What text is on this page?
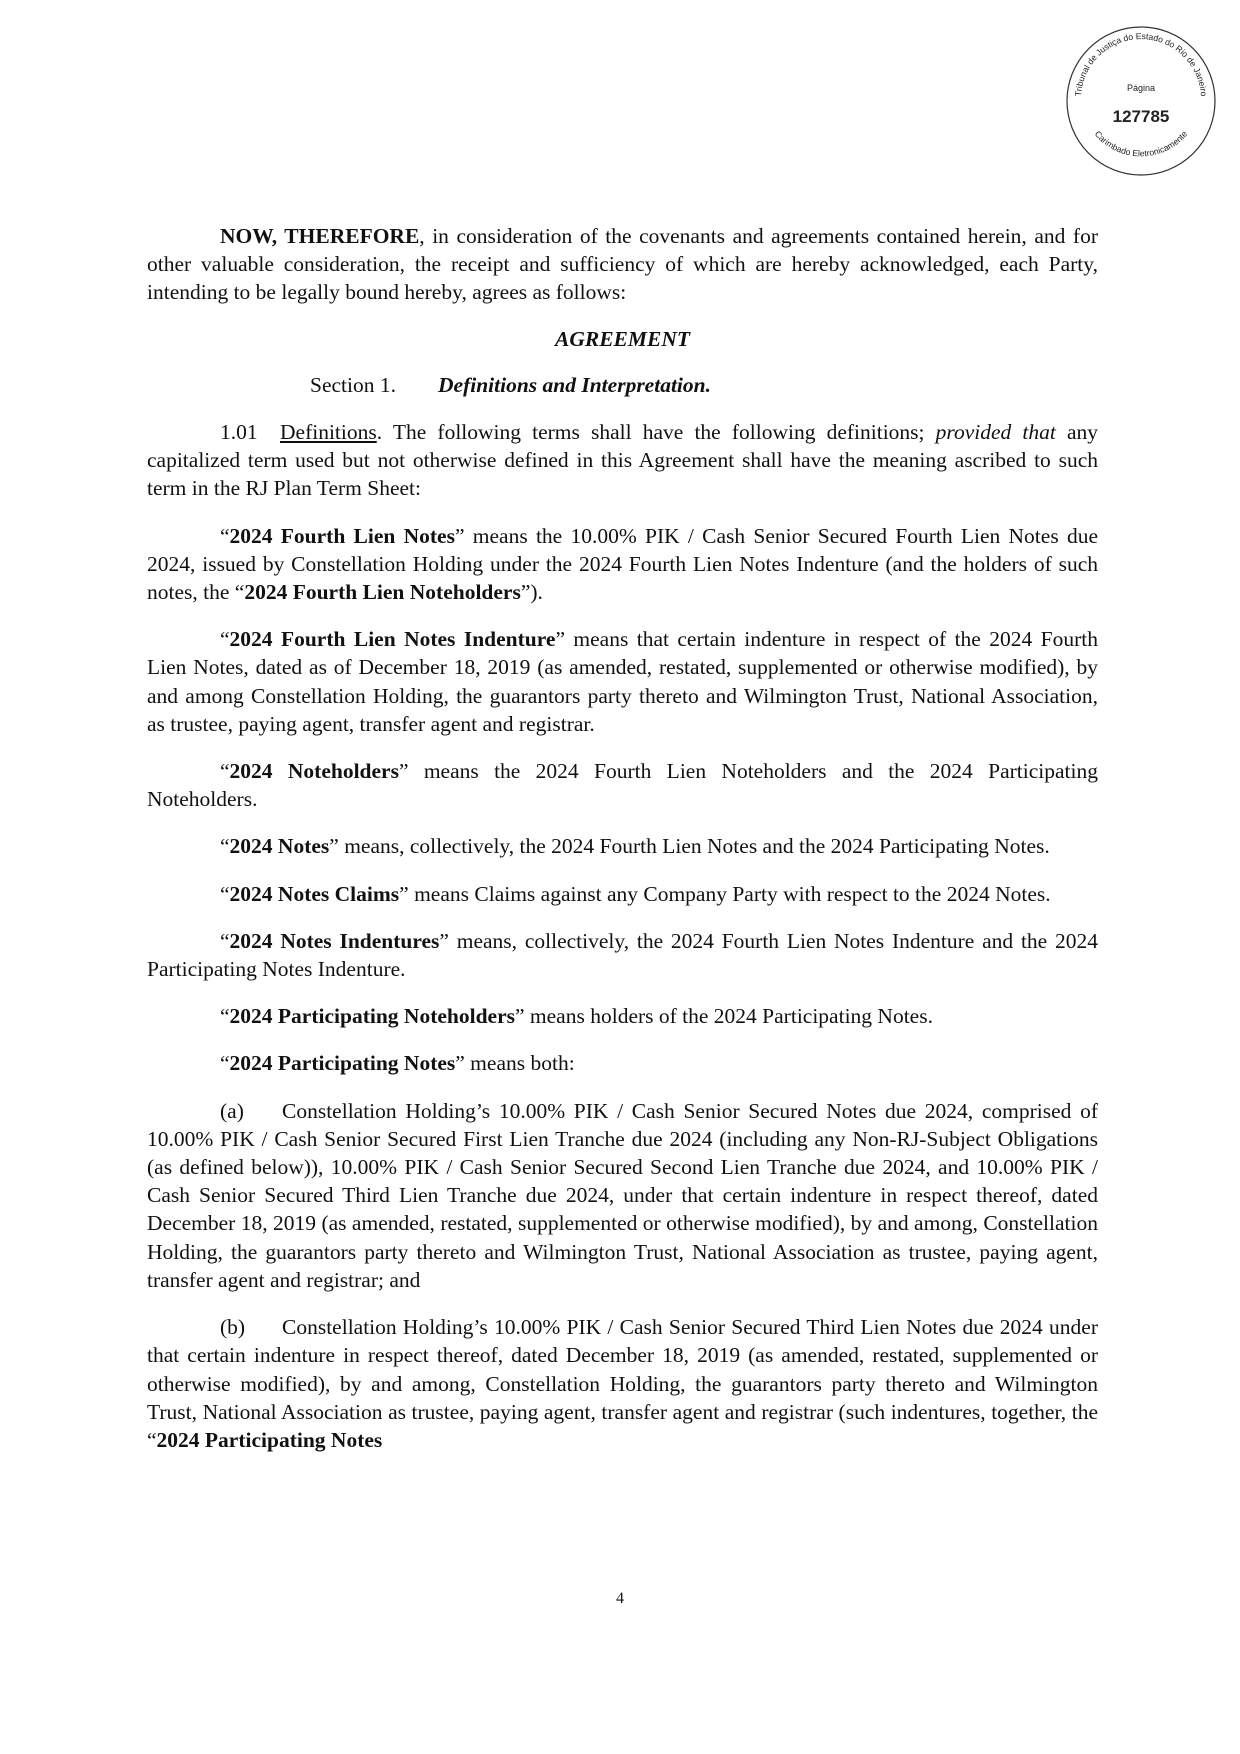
Tribunal de Justiça do Estado do Rio de Janeiro
Carimbado Eletronicamente
Página
127785

NOW, THEREFORE, in consideration of the covenants and agreements contained herein, and for other valuable consideration, the receipt and sufficiency of which are hereby acknowledged, each Party, intending to be legally bound hereby, agrees as follows:

AGREEMENT

Section 1. Definitions and Interpretation.

1.01 Definitions. The following terms shall have the following definitions; provided that any capitalized term used but not otherwise defined in this Agreement shall have the meaning ascribed to such term in the RJ Plan Term Sheet:

“2024 Fourth Lien Notes” means the 10.00% PIK / Cash Senior Secured Fourth Lien Notes due 2024, issued by Constellation Holding under the 2024 Fourth Lien Notes Indenture (and the holders of such notes, the “2024 Fourth Lien Noteholders”).

“2024 Fourth Lien Notes Indenture” means that certain indenture in respect of the 2024 Fourth Lien Notes, dated as of December 18, 2019 (as amended, restated, supplemented or otherwise modified), by and among Constellation Holding, the guarantors party thereto and Wilmington Trust, National Association, as trustee, paying agent, transfer agent and registrar.

“2024 Noteholders” means the 2024 Fourth Lien Noteholders and the 2024 Participating Noteholders.

“2024 Notes” means, collectively, the 2024 Fourth Lien Notes and the 2024 Participating Notes.

“2024 Notes Claims” means Claims against any Company Party with respect to the 2024 Notes.

“2024 Notes Indentures” means, collectively, the 2024 Fourth Lien Notes Indenture and the 2024 Participating Notes Indenture.

“2024 Participating Noteholders” means holders of the 2024 Participating Notes.

“2024 Participating Notes” means both:

(a) Constellation Holding’s 10.00% PIK / Cash Senior Secured Notes due 2024, comprised of 10.00% PIK / Cash Senior Secured First Lien Tranche due 2024 (including any Non-RJ-Subject Obligations (as defined below)), 10.00% PIK / Cash Senior Secured Second Lien Tranche due 2024, and 10.00% PIK / Cash Senior Secured Third Lien Tranche due 2024, under that certain indenture in respect thereof, dated December 18, 2019 (as amended, restated, supplemented or otherwise modified), by and among, Constellation Holding, the guarantors party thereto and Wilmington Trust, National Association as trustee, paying agent, transfer agent and registrar; and

(b) Constellation Holding’s 10.00% PIK / Cash Senior Secured Third Lien Notes due 2024 under that certain indenture in respect thereof, dated December 18, 2019 (as amended, restated, supplemented or otherwise modified), by and among, Constellation Holding, the guarantors party thereto and Wilmington Trust, National Association as trustee, paying agent, transfer agent and registrar (such indentures, together, the “2024 Participating Notes

4
